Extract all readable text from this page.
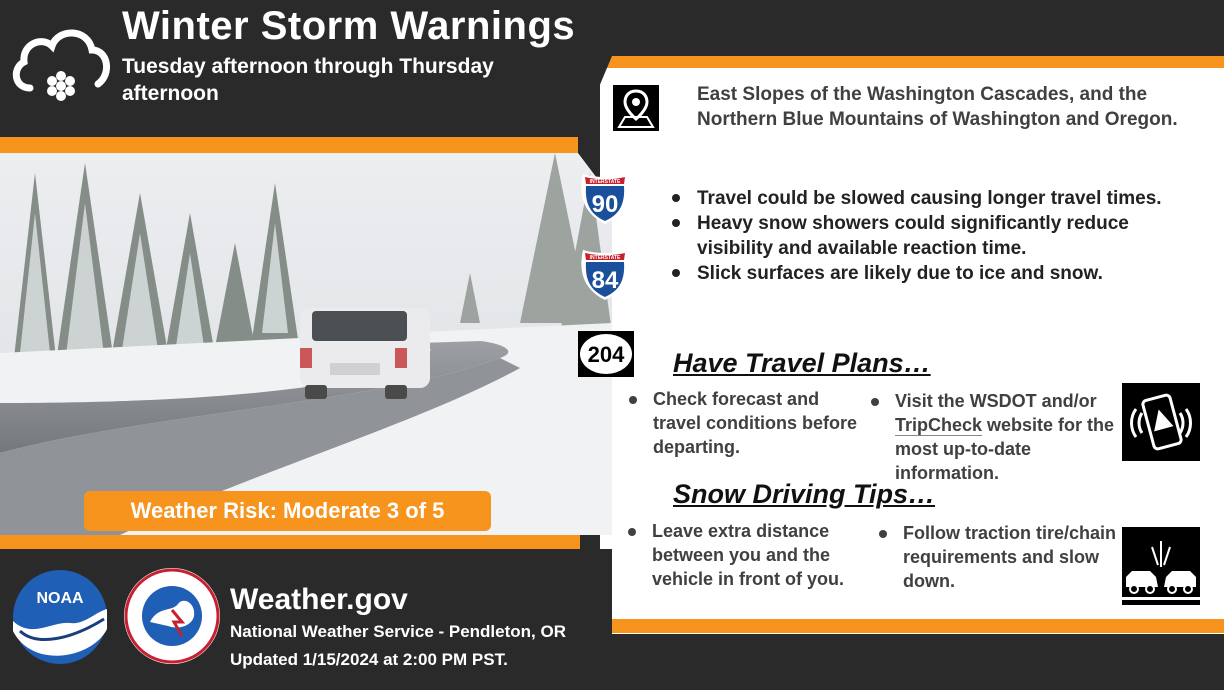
Winter Storm Warnings
Tuesday afternoon through Thursday afternoon
Weather Risk: Moderate 3 of 5
NOAA	Weather.gov
National Weather Service - Pendleton, OR
Updated 1/15/2024 at 2:00 PM PST.
East Slopes of the Washington Cascades, and the Northern Blue Mountains of Washington and Oregon.
INTERSTATE
90
INTERSTATE
84
204
Travel could be slowed causing longer travel times.
Heavy snow showers could significantly reduce visibility and available reaction time.
Slick surfaces are likely due to ice and snow.
Have Travel Plans…
Check forecast and travel conditions before departing.
Visit the WSDOT and/or TripCheck website for the most up-to-date information.
Snow Driving Tips…
Leave extra distance between you and the vehicle in front of you.
Follow traction tire/chain requirements and slow down.
